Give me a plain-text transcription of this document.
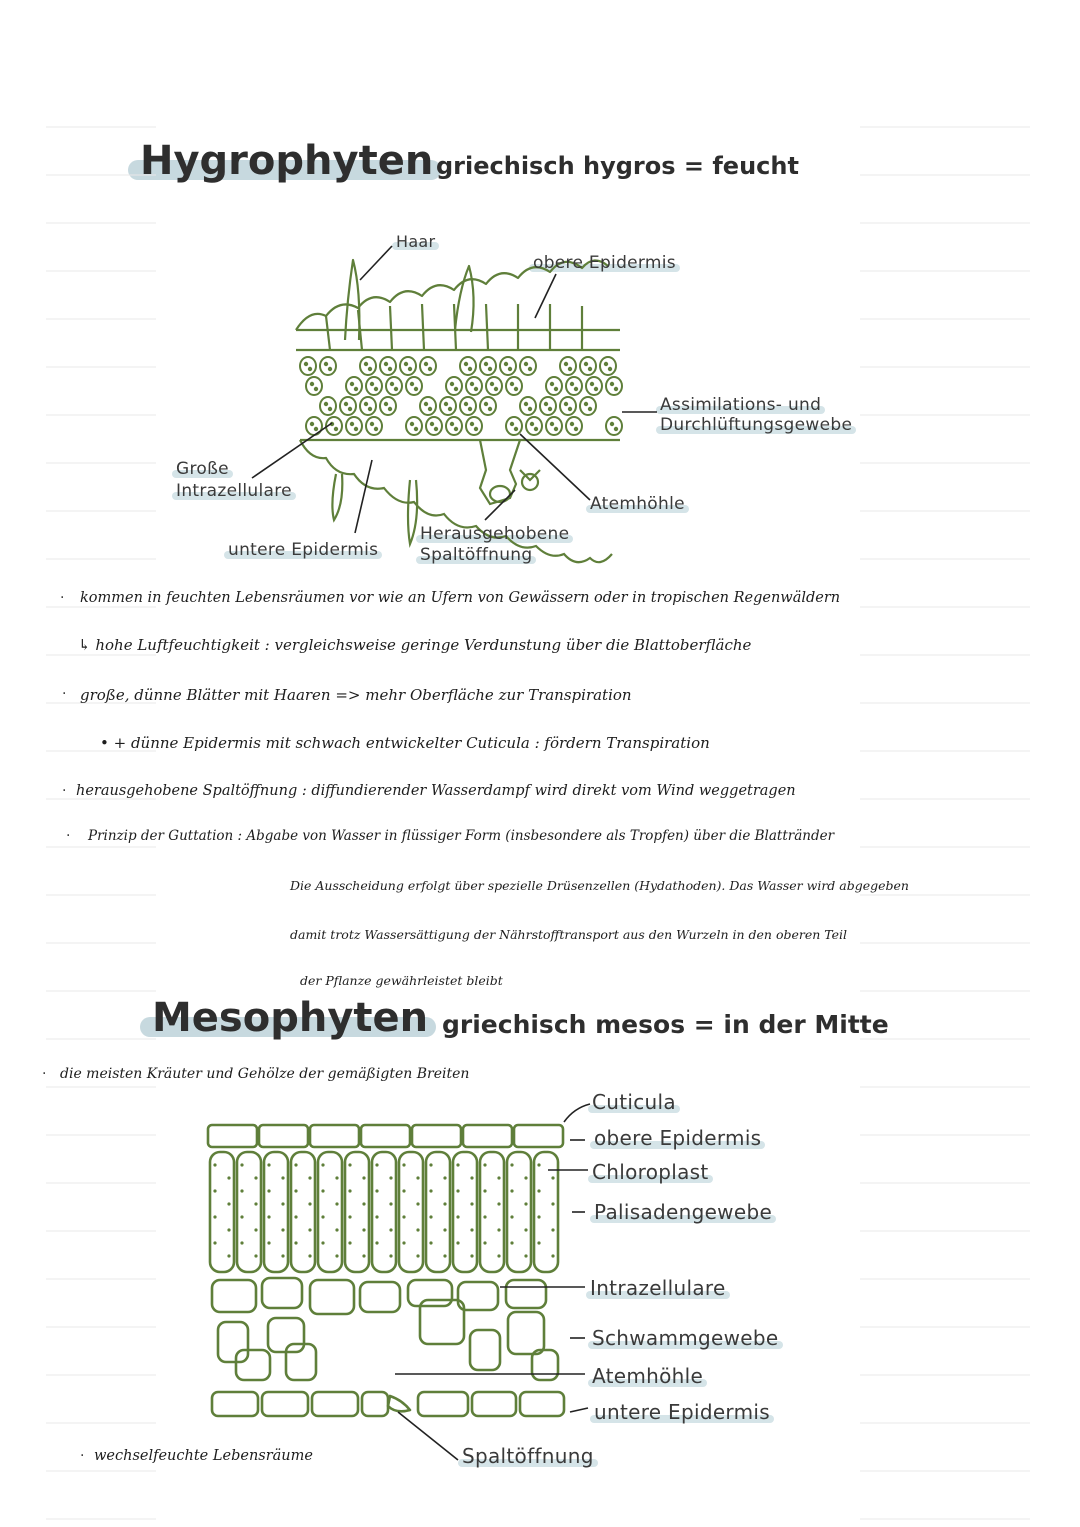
Hygrophyten griechisch hygros = feucht
Haar
obere Epidermis
Assimilations- und
Durchlüftungsgewebe
Große
Intrazellulare
Atemhöhle
Herausgehobene
untere Epidermis Spaltöffnung
· kommen in feuchten Lebensräumen vor wie an Ufern von Gewässern oder in tropischen Regenwäldern
↳ hohe Luftfeuchtigkeit : vergleichsweise geringe Verdunstung über die Blattoberfläche
· große, dünne Blätter mit Haaren => mehr Oberfläche zur Transpiration
• + dünne Epidermis mit schwach entwickelter Cuticula : fördern Transpiration
· herausgehobene Spaltöffnung : diffundierender Wasserdampf wird direkt vom Wind weggetragen
· Prinzip der Guttation : Abgabe von Wasser in flüssiger Form (insbesondere als Tropfen) über die Blattränder
Die Ausscheidung erfolgt über spezielle Drüsenzellen (Hydathoden). Das Wasser wird abgegeben
damit trotz Wassersättigung der Nährstofftransport aus den Wurzeln in den oberen Teil
der Pflanze gewährleistet bleibt
Mesophyten griechisch mesos = in der Mitte
· die meisten Kräuter und Gehölze der gemäßigten Breiten
Cuticula
obere Epidermis
Chloroplast
Palisadengewebe
Intrazellulare
Schwammgewebe
Atemhöhle
untere Epidermis
Spaltöffnung
· wechselfeuchte Lebensräume
